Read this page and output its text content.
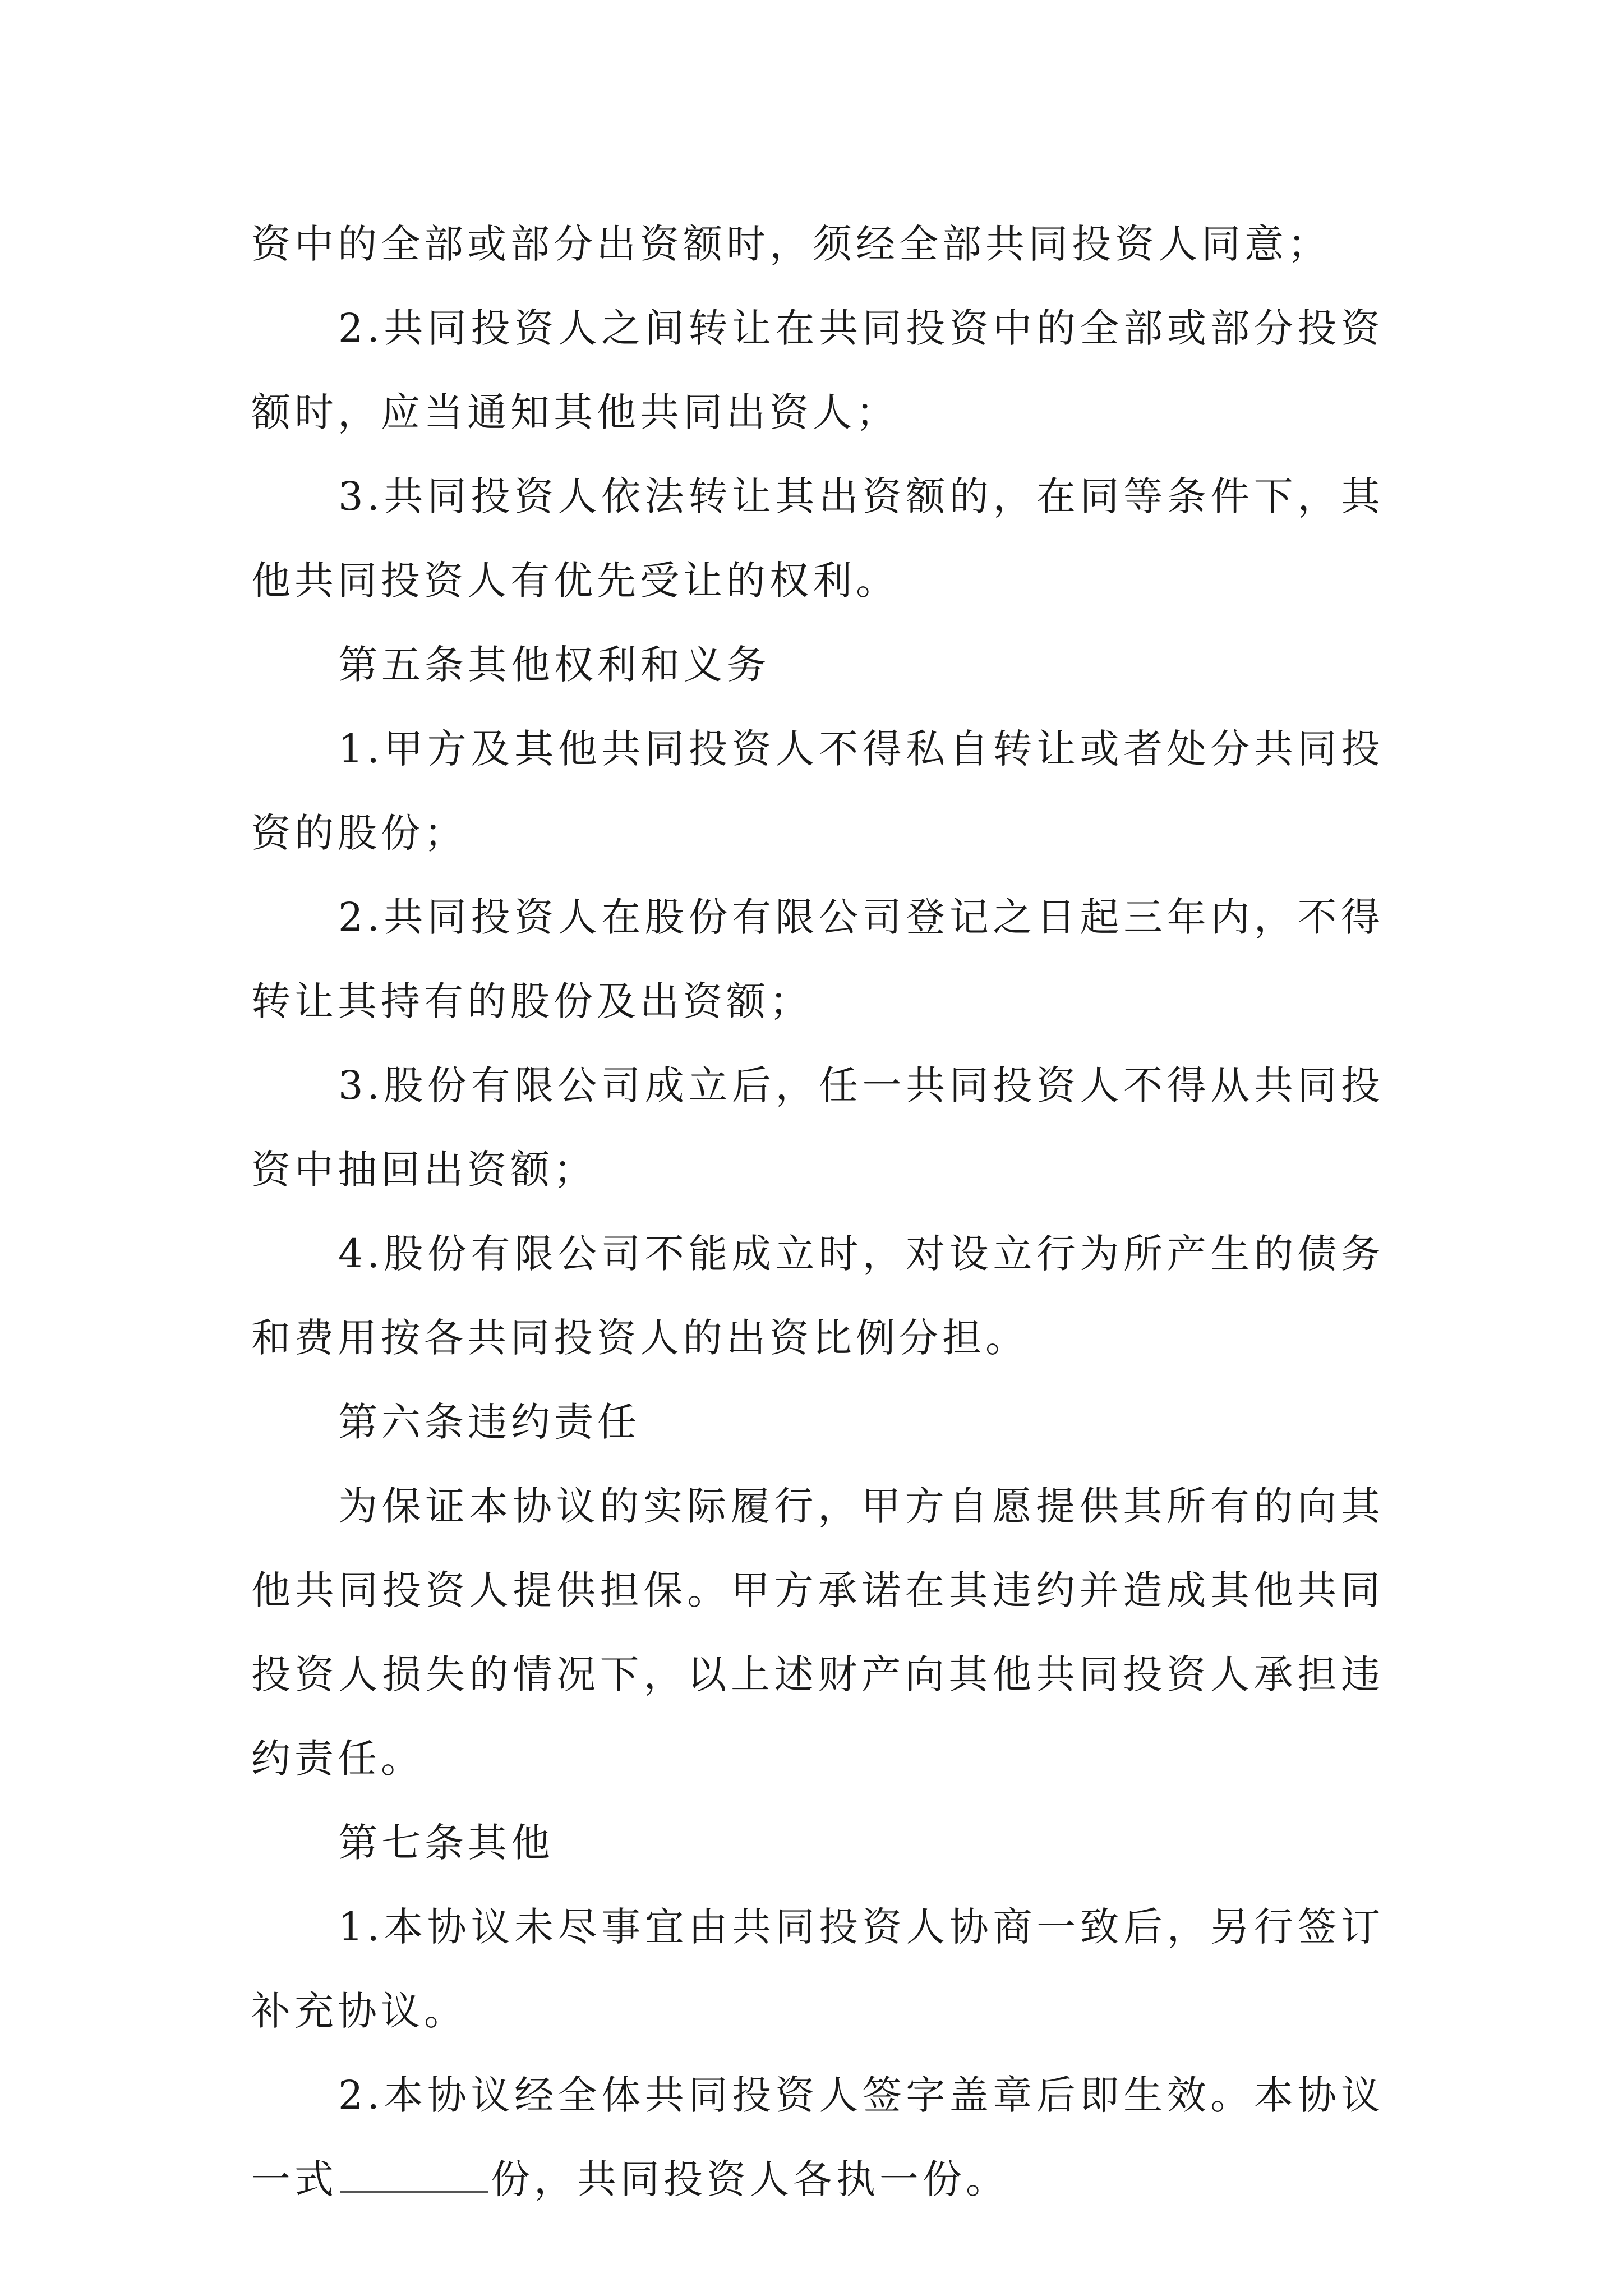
资中的全部或部分出资额时，须经全部共同投资人同意；

2.共同投资人之间转让在共同投资中的全部或部分投资额时，应当通知其他共同出资人；

3.共同投资人依法转让其出资额的，在同等条件下，其他共同投资人有优先受让的权利。

第五条其他权利和义务

1.甲方及其他共同投资人不得私自转让或者处分共同投资的股份；

2.共同投资人在股份有限公司登记之日起三年内，不得转让其持有的股份及出资额；

3.股份有限公司成立后，任一共同投资人不得从共同投资中抽回出资额；

4.股份有限公司不能成立时，对设立行为所产生的债务和费用按各共同投资人的出资比例分担。

第六条违约责任

为保证本协议的实际履行，甲方自愿提供其所有的向其他共同投资人提供担保。甲方承诺在其违约并造成其他共同投资人损失的情况下，以上述财产向其他共同投资人承担违约责任。

第七条其他

1.本协议未尽事宜由共同投资人协商一致后，另行签订补充协议。

2.本协议经全体共同投资人签字盖章后即生效。本协议一式	份，共同投资人各执一份。
